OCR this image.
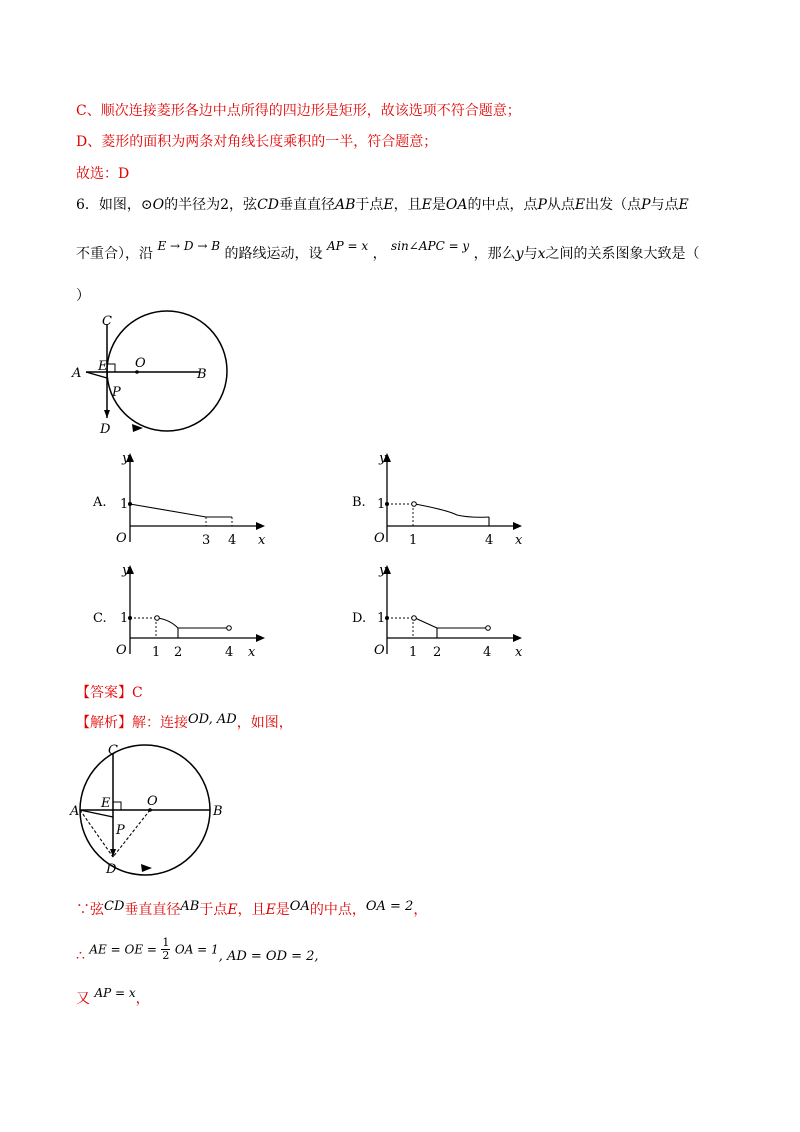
C、顺次连接菱形各边中点所得的四边形是矩形，故该选项不符合题意；
D、菱形的面积为两条对角线长度乘积的一半，符合题意；
故选：D
6．如图，⊙O的半径为2，弦CD垂直直径AB于点E，且E是OA的中点，点P从点E出发（点P与点E
不重合），沿 E → D → B 的路线运动，设 AP = x ， sin∠APC = y ，那么y与x之间的关系图象大致是（
）
C
A E O
B
P
D
A.
y
O	x
1
3 4
B.
y
O	x
1
1	4
C.
y
O	x
1
1 2	4
D.
y
O	x
1
1 2	4
【答案】C
【解析】解：连接OD, AD，如图，
C
A
E	O
B
P
D
∵弦CD垂直直径AB于点E，且E是OA的中点，OA = 2，
∴ AE = OE = $\frac{1}{2}$ OA = 1, AD = OD = 2,
又 AP = x，
